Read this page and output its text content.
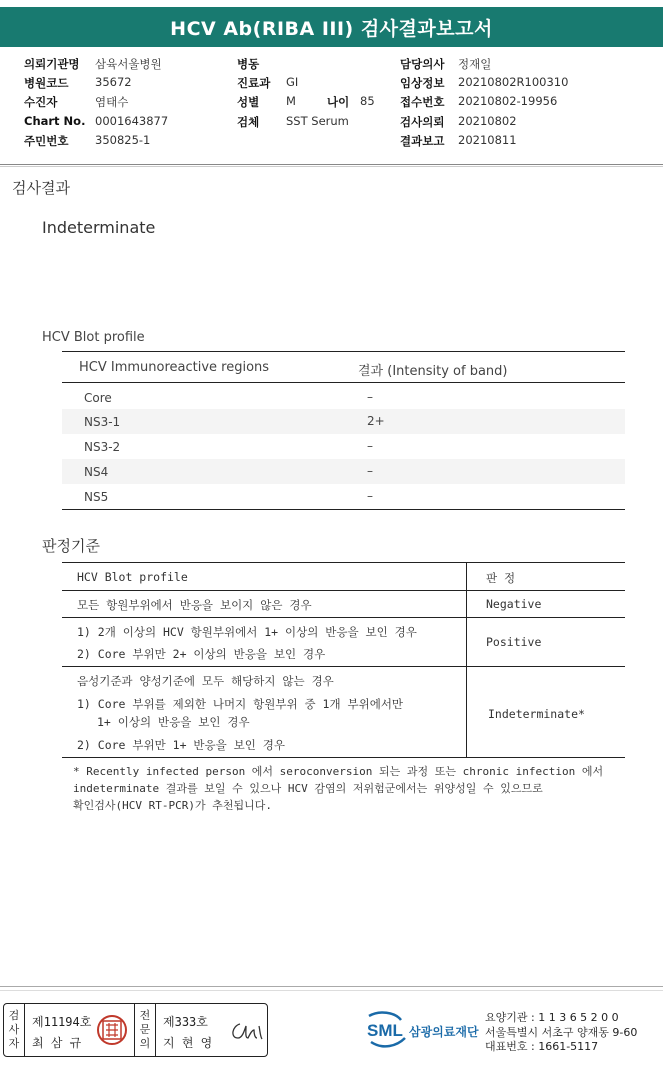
HCV Ab(RIBA III) 검사결과보고서
의뢰기관명 삼육서울병원	병동	담당의사 정재일
병원코드 35672	진료과 GI	임상정보 20210802R100310
수진자	염태수	성별 M	나이 85 접수번호 20210802-19956
Chart No. 0001643877	검체 SST Serum	검사의뢰 20210802
주민번호 350825-1	결과보고 20210811
검사결과
Indeterminate
HCV Blot profile
HCV Immunoreactive regions	결과 (Intensity of band)
Core	–
NS3-1	2+
NS3-2	–
NS4	–
NS5	–
판정기준
HCV Blot profile	판 정
모든 항원부위에서 반응을 보이지 않은 경우	Negative
1) 2개 이상의 HCV 항원부위에서 1+ 이상의 반응을 보인 경우
2) Core 부위만 2+ 이상의 반응을 보인 경우
Positive
음성기준과 양성기준에 모두 해당하지 않는 경우
1) Core 부위를 제외한 나머지 항원부위 중 1개 부위에서만
1+ 이상의 반응을 보인 경우
2) Core 부위만 1+ 반응을 보인 경우
Indeterminate*
* Recently infected person 에서 seroconversion 되는 과정 또는 chronic infection 에서
indeterminate 결과를 보일 수 있으나 HCV 감염의 저위험군에서는 위양성일 수 있으므로
확인검사(HCV RT-PCR)가 추천됩니다.
검
사
자
제11194호
최 삼 규
전
문
의
제333호
지 현 영
SML 삼광의료재단
요양기관 : 1 1 3 6 5 2 0 0
서울특별시 서초구 양재동 9-60
대표번호 : 1661-5117
